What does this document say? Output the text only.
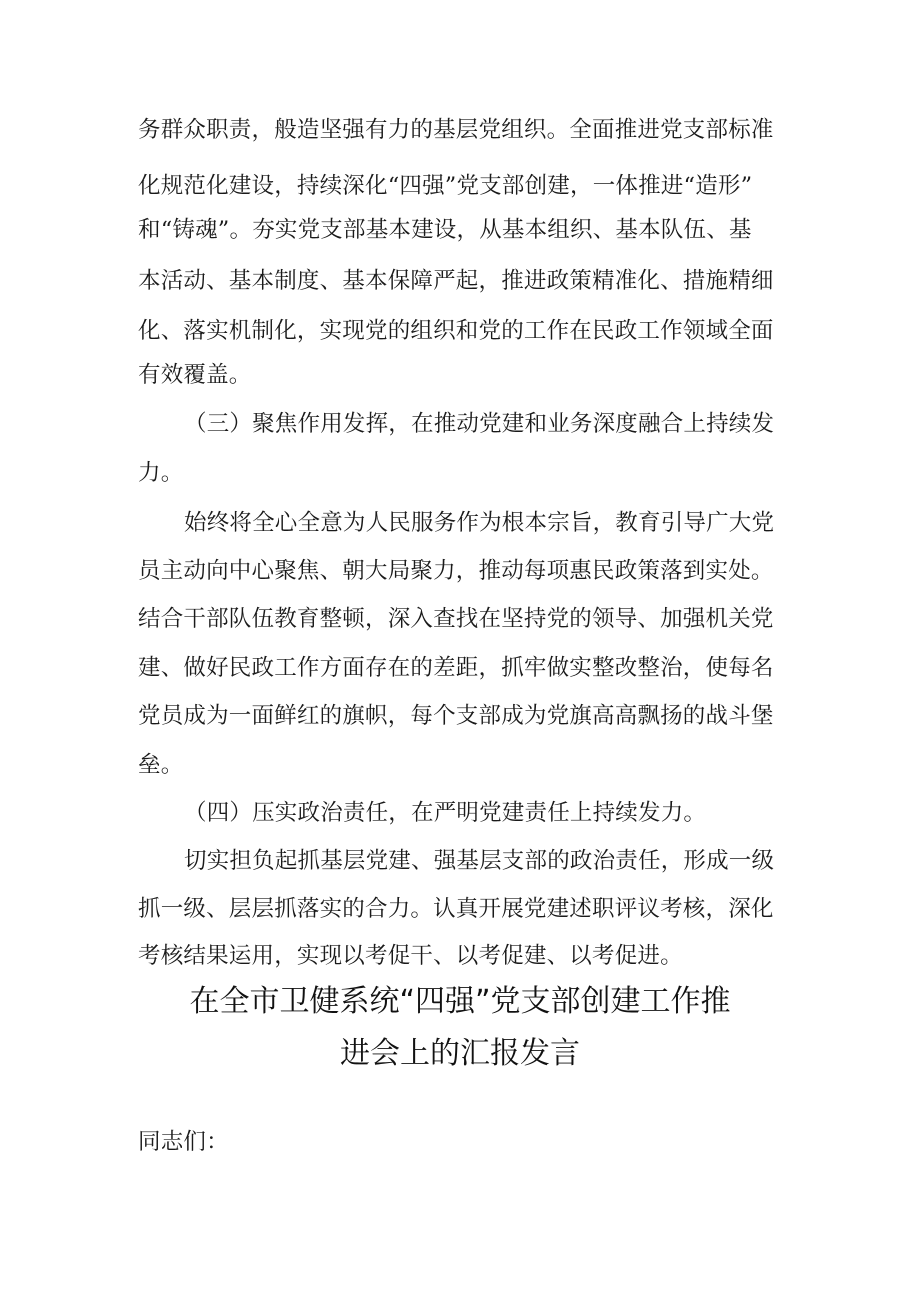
务群众职责，般造坚强有力的基层党组织。全面推进党支部标准
化规范化建设，持续深化“四强”党支部创建，一体推进“造形”
和“铸魂”。夯实党支部基本建设，从基本组织、基本队伍、基
本活动、基本制度、基本保障严起，推进政策精准化、措施精细
化、落实机制化，实现党的组织和党的工作在民政工作领域全面
有效覆盖。
（三）聚焦作用发挥，在推动党建和业务深度融合上持续发
力。
始终将全心全意为人民服务作为根本宗旨，教育引导广大党
员主动向中心聚焦、朝大局聚力，推动每项惠民政策落到实处。
结合干部队伍教育整顿，深入查找在坚持党的领导、加强机关党
建、做好民政工作方面存在的差距，抓牢做实整改整治，使每名
党员成为一面鲜红的旗帜，每个支部成为党旗高高飘扬的战斗堡
垒。
（四）压实政治责任，在严明党建责任上持续发力。
切实担负起抓基层党建、强基层支部的政治责任，形成一级
抓一级、层层抓落实的合力。认真开展党建述职评议考核，深化
考核结果运用，实现以考促干、以考促建、以考促进。
在全市卫健系统“四强”党支部创建工作推
进会上的汇报发言
同志们：
